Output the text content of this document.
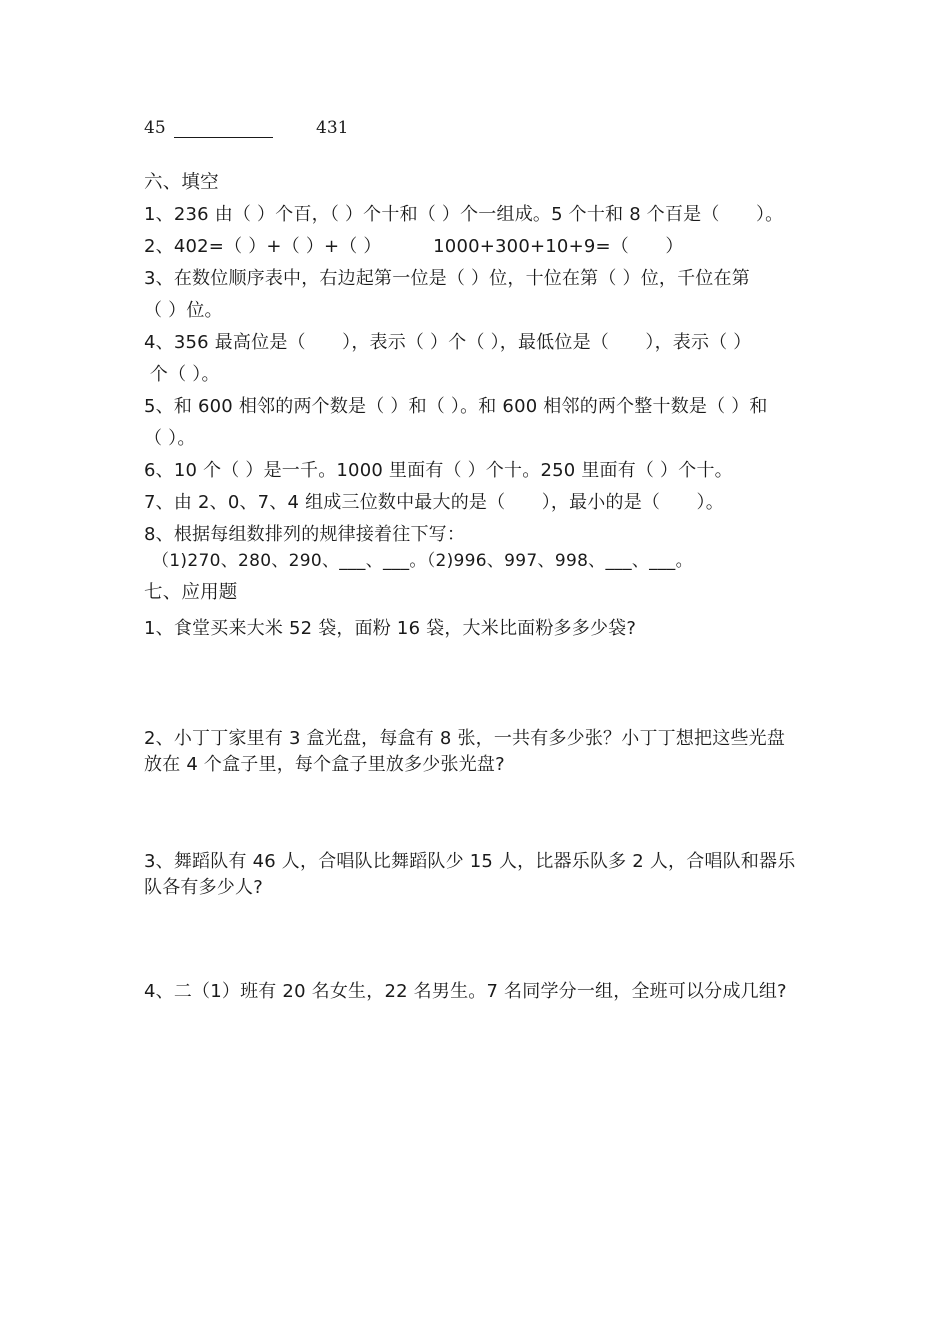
45	431
六、填空
1、236 由（ ）个百，（ ）个十和（ ）个一组成。5 个十和 8 个百是（　　）。
2、402=（ ）+（ ）+（ ）　　　 1000+300+10+9=（　　）
3、在数位顺序表中，右边起第一位是（ ）位，十位在第（ ）位，千位在第
（ ）位。
4、356 最高位是（　　），表示（ ）个（ ），最低位是（　　），表示（ ）
个（ ）。
5、和 600 相邻的两个数是（ ）和（ ）。和 600 相邻的两个整十数是（ ）和
（ ）。
6、10 个（ ）是一千。1000 里面有（ ）个十。250 里面有（ ）个十。
7、由 2、0、7、4 组成三位数中最大的是（　　），最小的是（　　）。
8、根据每组数排列的规律接着往下写：
（1)270、280、290、___、___。（2)996、997、998、___、___。
七、应用题
1、食堂买来大米 52 袋，面粉 16 袋，大米比面粉多多少袋?
2、小丁丁家里有 3 盒光盘，每盒有 8 张，一共有多少张？小丁丁想把这些光盘
放在 4 个盒子里，每个盒子里放多少张光盘?
3、舞蹈队有 46 人，合唱队比舞蹈队少 15 人，比器乐队多 2 人，合唱队和器乐
队各有多少人?
4、二（1）班有 20 名女生，22 名男生。7 名同学分一组，全班可以分成几组?
